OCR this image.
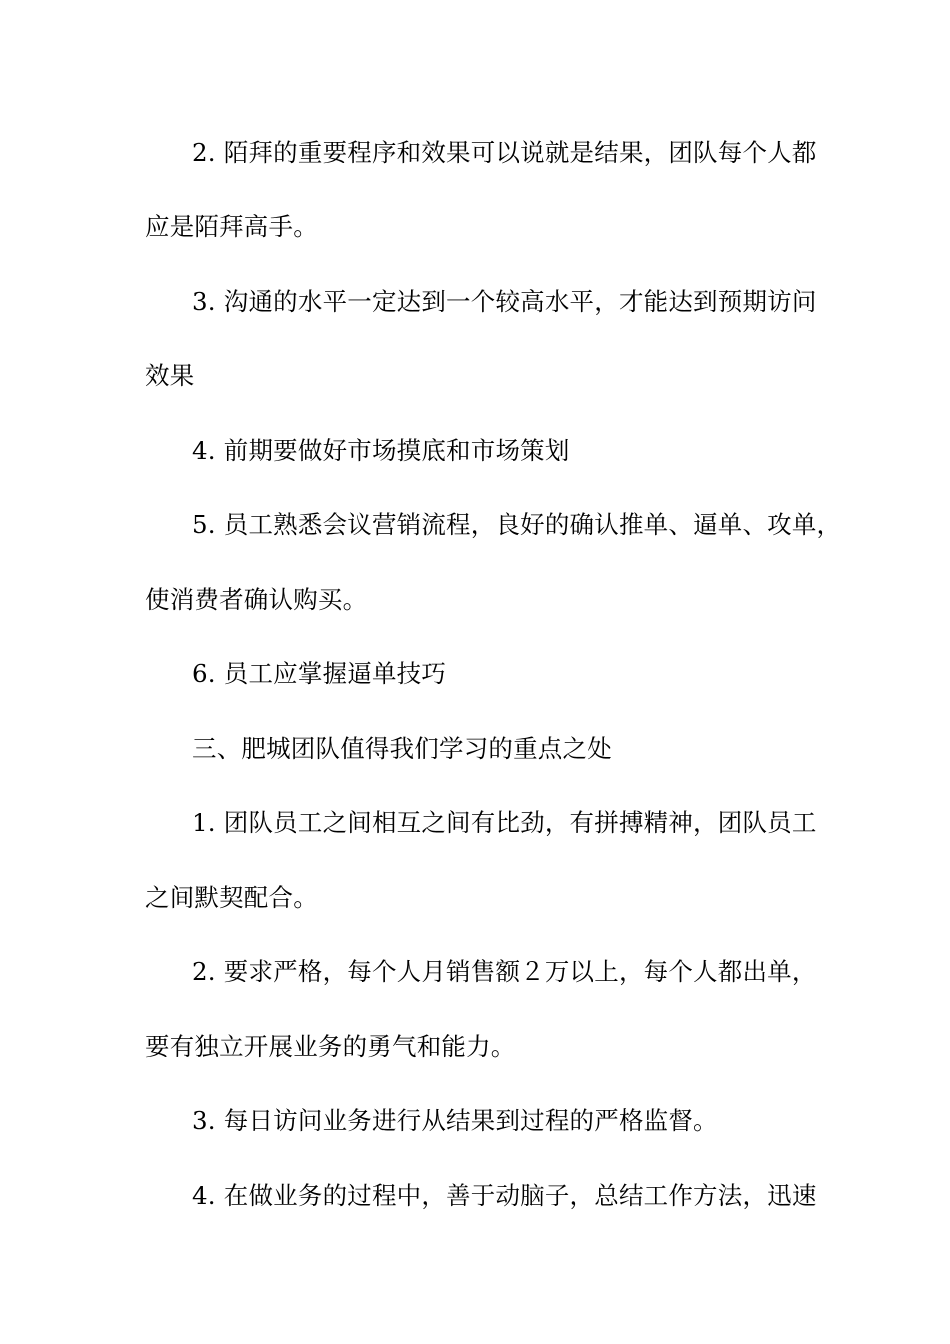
2. 陌拜的重要程序和效果可以说就是结果，团队每个人都
应是陌拜高手。
3. 沟通的水平一定达到一个较高水平，才能达到预期访问
效果
4. 前期要做好市场摸底和市场策划
5. 员工熟悉会议营销流程，良好的确认推单、逼单、攻单，
使消费者确认购买。
6. 员工应掌握逼单技巧
三、肥城团队值得我们学习的重点之处
1. 团队员工之间相互之间有比劲，有拼搏精神，团队员工
之间默契配合。
2. 要求严格，每个人月销售额２万以上，每个人都出单，
要有独立开展业务的勇气和能力。
3. 每日访问业务进行从结果到过程的严格监督。
4. 在做业务的过程中，善于动脑子，总结工作方法，迅速
